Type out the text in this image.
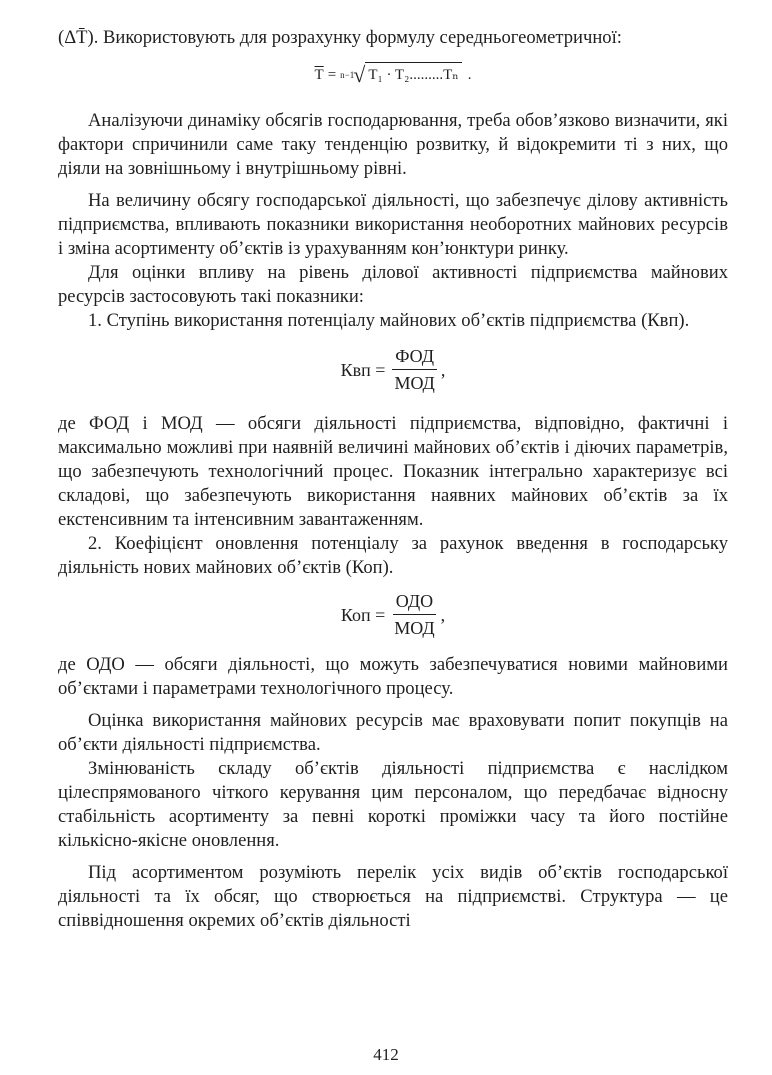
(ΔT̄). Використовують для розрахунку формулу середньогеометричної:

$\overline{T} = n-1$ √ T₁ · T₂.........Tₙ .

Аналізуючи динаміку обсягів господарювання, треба обов’язково визначити, які фактори спричинили саме таку тенденцію розвитку, й відокремити ті з них, що діяли на зовнішньому і внутрішньому рівні.

На величину обсягу господарської діяльності, що забезпечує ділову активність підприємства, впливають показники використання необоротних майнових ресурсів і зміна асортименту об’єктів із урахуванням кон’юнктури ринку.

Для оцінки впливу на рівень ділової активності підприємства майнових ресурсів застосовують такі показники:

1. Ступінь використання потенціалу майнових об’єктів підприємства (Квп).

Квп = $\frac{\text{ФОД}}{\text{МОД}}$ ,

де ФОД і МОД — обсяги діяльності підприємства, відповідно, фактичні і максимально можливі при наявній величині майнових об’єктів і діючих параметрів, що забезпечують технологічний процес. Показник інтегрально характеризує всі складові, що забезпечують використання наявних майнових об’єктів за їх екстенсивним та інтенсивним завантаженням.

2. Коефіцієнт оновлення потенціалу за рахунок введення в господарську діяльність нових майнових об’єктів (Коп).

Коп = $\frac{\text{ОДО}}{\text{МОД}}$ ,

де ОДО — обсяги діяльності, що можуть забезпечуватися новими майновими об’єктами і параметрами технологічного процесу.

Оцінка використання майнових ресурсів має враховувати попит покупців на об’єкти діяльності підприємства.

Змінюваність складу об’єктів діяльності підприємства є наслідком цілеспрямованого чіткого керування цим персоналом, що передбачає відносну стабільність асортименту за певні короткі проміжки часу та його постійне кількісно-якісне оновлення.

Під асортиментом розуміють перелік усіх видів об’єктів господарської діяльності та їх обсяг, що створюється на підприємстві. Структура — це співвідношення окремих об’єктів діяльності

412
